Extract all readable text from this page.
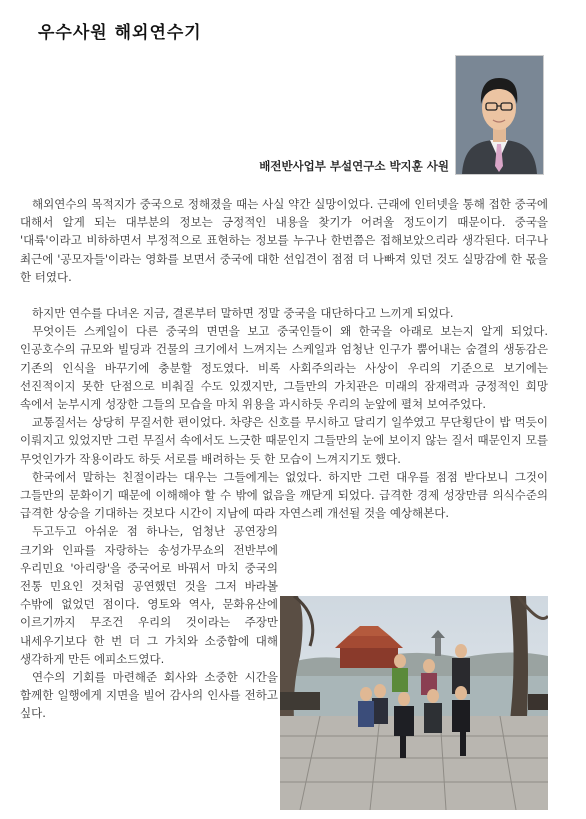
우수사원 해외연수기
배전반사업부 부설연구소 박지훈 사원

해외연수의 목적지가 중국으로 정해졌을 때는 사실 약간 실망이었다. 근래에 인터넷을 통해 접한 중국에 대해서 알게 되는 대부분의 정보는 긍정적인 내용을 찾기가 어려울 정도이기 때문이다. 중국을 '대륙'이라고 비하하면서 부정적으로 표현하는 정보를 누구나 한번쯤은 접해보았으리라 생각된다. 더구나 최근에 '공모자들'이라는 영화를 보면서 중국에 대한 선입견이 점점 더 나빠져 있던 것도 실망감에 한 몫을 한 터였다.

하지만 연수를 다녀온 지금, 결론부터 말하면 정말 중국을 대단하다고 느끼게 되었다.

무엇이든 스케일이 다른 중국의 면면을 보고 중국인들이 왜 한국을 아래로 보는지 알게 되었다. 인공호수의 규모와 빌딩과 건물의 크기에서 느껴지는 스케일과 엄청난 인구가 뿜어내는 숨결의 생동감은 기존의 인식을 바꾸기에 충분할 정도였다. 비록 사회주의라는 사상이 우리의 기준으로 보기에는 선진적이지 못한 단점으로 비춰질 수도 있겠지만, 그들만의 가치관은 미래의 잠재력과 긍정적인 희망 속에서 눈부시게 성장한 그들의 모습을 마치 위용을 과시하듯 우리의 눈앞에 펼쳐 보여주었다.

교통질서는 상당히 무질서한 편이었다. 차량은 신호를 무시하고 달리기 일쑤였고 무단횡단이 밥 먹듯이 이뤄지고 있었지만 그런 무질서 속에서도 느긋한 때문인지 그들만의 눈에 보이지 않는 질서 때문인지 모를 무엇인가가 작용이라도 하듯 서로를 배려하는 듯 한 모습이 느껴지기도 했다.

한국에서 말하는 친절이라는 대우는 그들에게는 없었다. 하지만 그런 대우를 점점 받다보니 그것이 그들만의 문화이기 때문에 이해해야 할 수 밖에 없음을 깨닫게 되었다. 급격한 경제 성장만큼 의식수준의 급격한 상승을 기대하는 것보다 시간이 지남에 따라 자연스레 개선될 것을 예상해본다.

두고두고 아쉬운 점 하나는, 엄청난 공연장의 크기와 인파를 자랑하는 송성가무쇼의 전반부에 우리민요 '아리랑'을 중국어로 바꿔서 마치 중국의 전통 민요인 것처럼 공연했던 것을 그저 바라볼 수밖에 없었던 점이다. 영토와 역사, 문화유산에 이르기까지 무조건 우리의 것이라는 주장만 내세우기보다 한 번 더 그 가치와 소중함에 대해 생각하게 만든 에피소드였다.

연수의 기회를 마련해준 회사와 소중한 시간을 함께한 일행에게 지면을 빌어 감사의 인사를 전하고 싶다.
